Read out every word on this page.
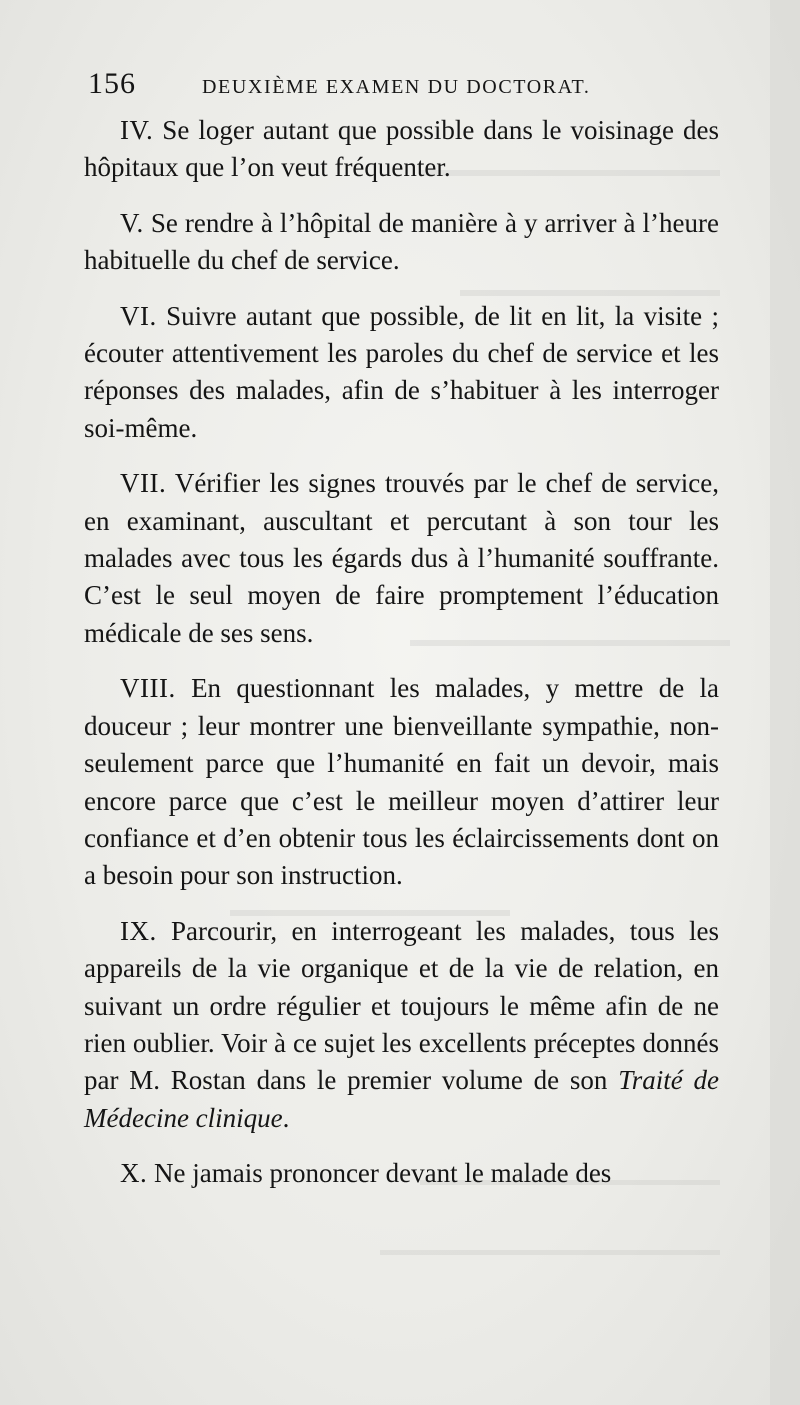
156	DEUXIÈME EXAMEN DU DOCTORAT.

IV. Se loger autant que possible dans le voisinage des hôpitaux que l’on veut fréquenter.

V. Se rendre à l’hôpital de manière à y arriver à l’heure habituelle du chef de service.

VI. Suivre autant que possible, de lit en lit, la visite ; écouter attentivement les paroles du chef de service et les réponses des malades, afin de s’habituer à les interroger soi-même.

VII. Vérifier les signes trouvés par le chef de service, en examinant, auscultant et percutant à son tour les malades avec tous les égards dus à l’humanité souffrante. C’est le seul moyen de faire promptement l’éducation médicale de ses sens.

VIII. En questionnant les malades, y mettre de la douceur ; leur montrer une bienveillante sympathie, non-seulement parce que l’humanité en fait un devoir, mais encore parce que c’est le meilleur moyen d’attirer leur confiance et d’en obtenir tous les éclaircissements dont on a besoin pour son instruction.

IX. Parcourir, en interrogeant les malades, tous les appareils de la vie organique et de la vie de relation, en suivant un ordre régulier et toujours le même afin de ne rien oublier. Voir à ce sujet les excellents préceptes donnés par M. Rostan dans le premier volume de son Traité de Médecine clinique.

X. Ne jamais prononcer devant le malade des
